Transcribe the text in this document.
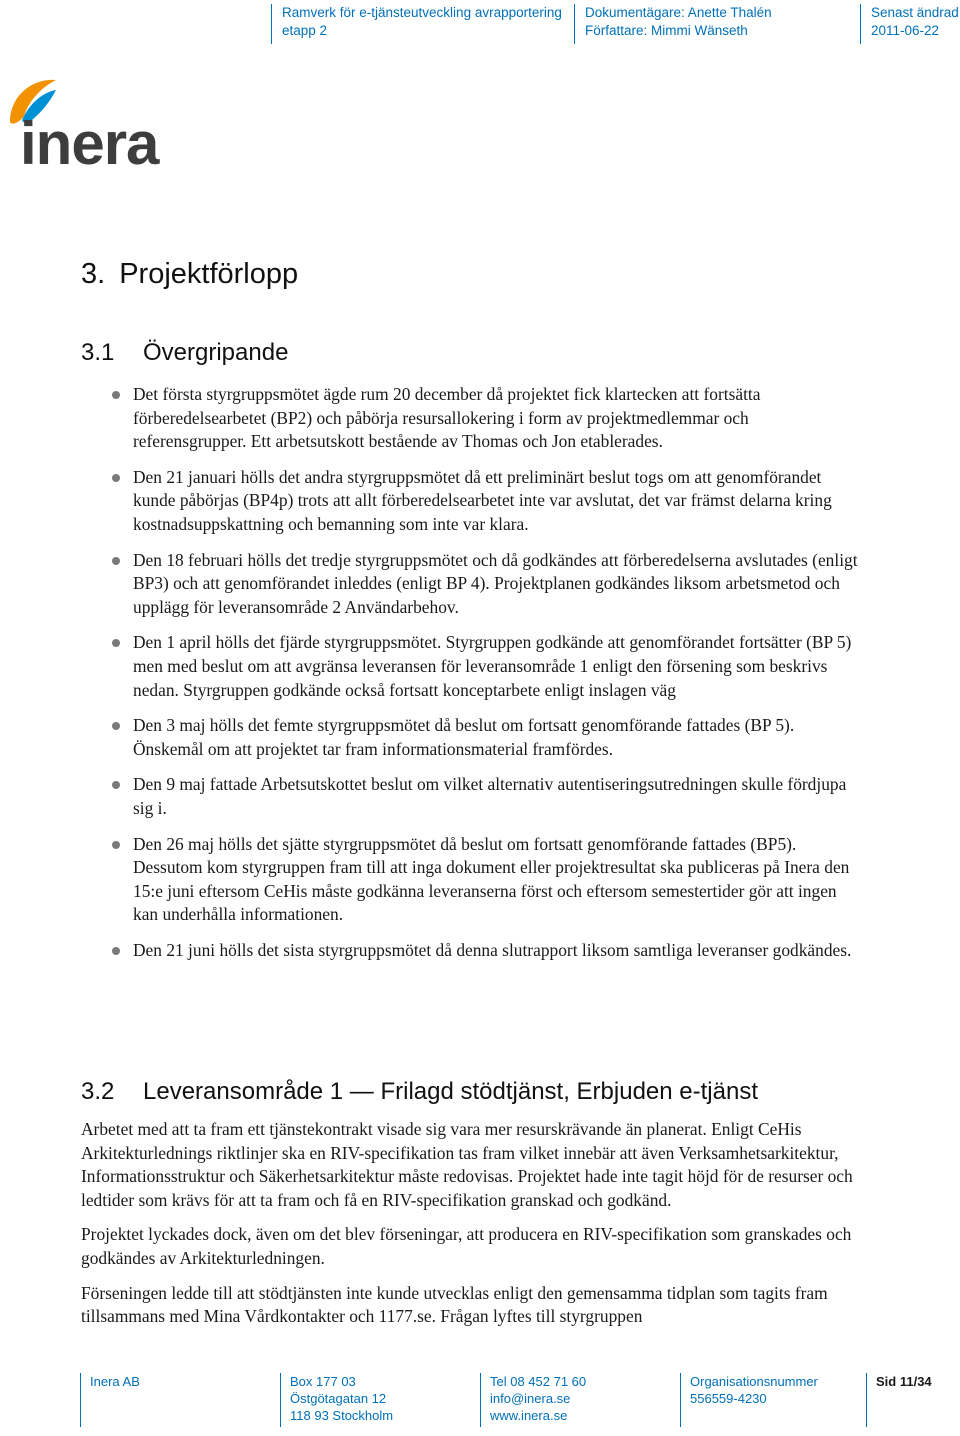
Ramverk för e-tjänsteutveckling avrapportering
etapp 2
Dokumentägare: Anette Thalén
Författare: Mimmi Wänseth
Senast ändrad
2011-06-22
inera
3. Projektförlopp
3.1 Övergripande
Det första styrgruppsmötet ägde rum 20 december då projektet fick klartecken att fortsätta förberedelsearbetet (BP2) och påbörja resursallokering i form av projektmedlemmar och referensgrupper. Ett arbetsutskott bestående av Thomas och Jon etablerades.
Den 21 januari hölls det andra styrgruppsmötet då ett preliminärt beslut togs om att genomförandet kunde påbörjas (BP4p) trots att allt förberedelsearbetet inte var avslutat, det var främst delarna kring kostnadsuppskattning och bemanning som inte var klara.
Den 18 februari hölls det tredje styrgruppsmötet och då godkändes att förberedelserna avslutades (enligt BP3) och att genomförandet inleddes (enligt BP 4). Projektplanen godkändes liksom arbetsmetod och upplägg för leveransområde 2 Användarbehov.
Den 1 april hölls det fjärde styrgruppsmötet. Styrgruppen godkände att genomförandet fortsätter (BP 5) men med beslut om att avgränsa leveransen för leveransområde 1 enligt den försening som beskrivs nedan. Styrgruppen godkände också fortsatt konceptarbete enligt inslagen väg
Den 3 maj hölls det femte styrgruppsmötet då beslut om fortsatt genomförande fattades (BP 5). Önskemål om att projektet tar fram informationsmaterial framfördes.
Den 9 maj fattade Arbetsutskottet beslut om vilket alternativ autentiseringsutredningen skulle fördjupa sig i.
Den 26 maj hölls det sjätte styrgruppsmötet då beslut om fortsatt genomförande fattades (BP5). Dessutom kom styrgruppen fram till att inga dokument eller projektresultat ska publiceras på Inera den 15:e juni eftersom CeHis måste godkänna leveranserna först och eftersom semestertider gör att ingen kan underhålla informationen.
Den 21 juni hölls det sista styrgruppsmötet då denna slutrapport liksom samtliga leveranser godkändes.
3.2 Leveransområde 1 — Frilagd stödtjänst, Erbjuden e-tjänst

Arbetet med att ta fram ett tjänstekontrakt visade sig vara mer resurskrävande än planerat. Enligt CeHis Arkitekturlednings riktlinjer ska en RIV-specifikation tas fram vilket innebär att även Verksamhetsarkitektur, Informationsstruktur och Säkerhetsarkitektur måste redovisas. Projektet hade inte tagit höjd för de resurser och ledtider som krävs för att ta fram och få en RIV-specifikation granskad och godkänd.

Projektet lyckades dock, även om det blev förseningar, att producera en RIV-specifikation som granskades och godkändes av Arkitekturledningen.

Förseningen ledde till att stödtjänsten inte kunde utvecklas enligt den gemensamma tidplan som tagits fram tillsammans med Mina Vårdkontakter och 1177.se. Frågan lyftes till styrgruppen

Inera AB	Box 177 03
Östgötagatan 12
118 93 Stockholm
Tel 08 452 71 60
info@inera.se
www.inera.se
Organisationsnummer
556559-4230
Sid 11/34
